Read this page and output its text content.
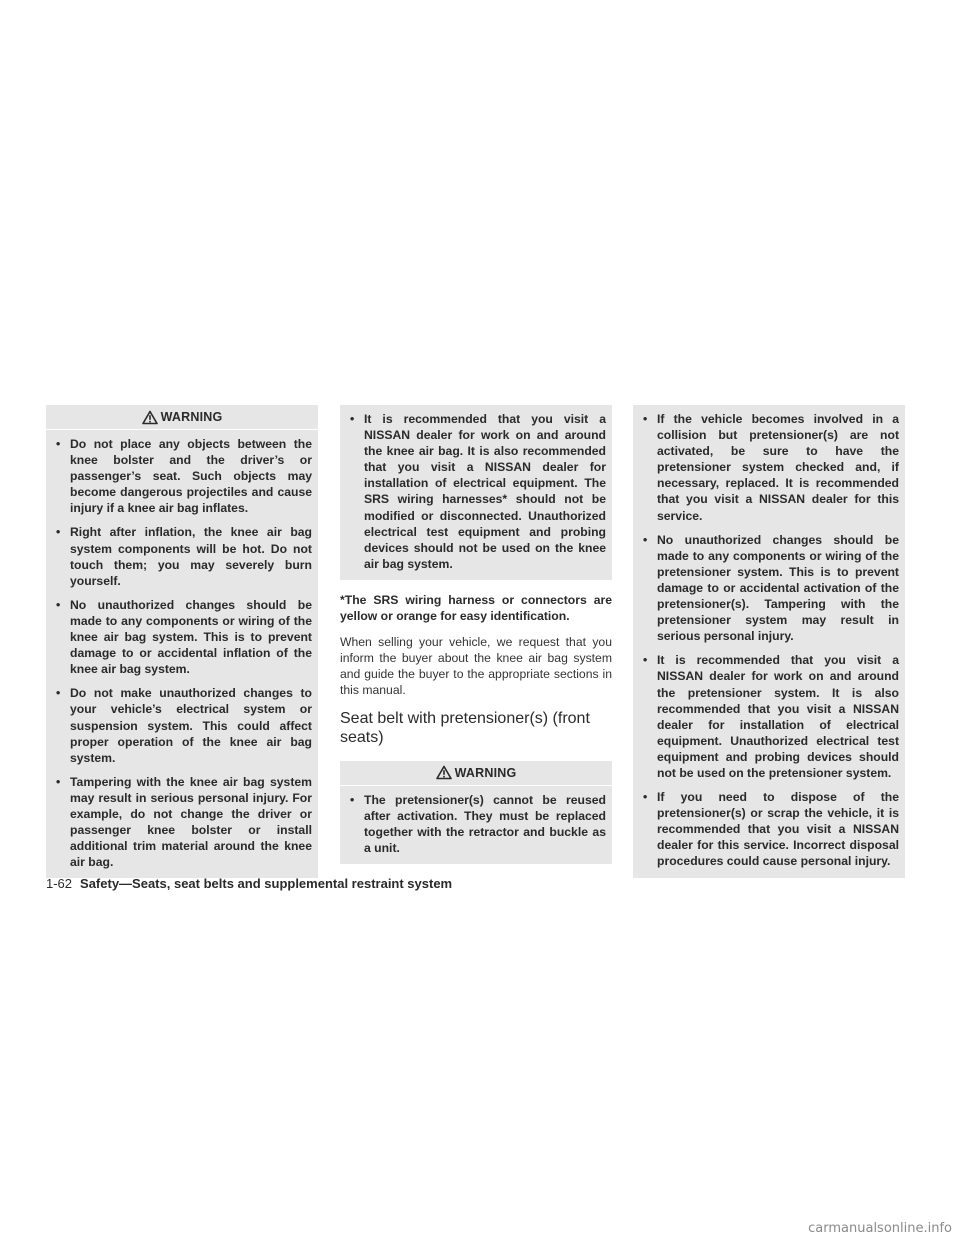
WARNING
• Do not place any objects between the knee bolster and the driver’s or passenger’s seat. Such objects may become dangerous projectiles and cause injury if a knee air bag inflates.
• Right after inflation, the knee air bag system components will be hot. Do not touch them; you may severely burn yourself.
• No unauthorized changes should be made to any components or wiring of the knee air bag system. This is to prevent damage to or accidental inflation of the knee air bag system.
• Do not make unauthorized changes to your vehicle’s electrical system or suspension system. This could affect proper operation of the knee air bag system.
• Tampering with the knee air bag system may result in serious personal injury. For example, do not change the driver or passenger knee bolster or install additional trim material around the knee air bag.
• It is recommended that you visit a NISSAN dealer for work on and around the knee air bag. It is also recommended that you visit a NISSAN dealer for installation of electrical equipment. The SRS wiring harnesses* should not be modified or disconnected. Unauthorized electrical test equipment and probing devices should not be used on the knee air bag system.

*The SRS wiring harness or connectors are yellow or orange for easy identification.

When selling your vehicle, we request that you inform the buyer about the knee air bag system and guide the buyer to the appropriate sections in this manual.

Seat belt with pretensioner(s) (front seats)
WARNING
• The pretensioner(s) cannot be reused after activation. They must be replaced together with the retractor and buckle as a unit.
• If the vehicle becomes involved in a collision but pretensioner(s) are not activated, be sure to have the pretensioner system checked and, if necessary, replaced. It is recommended that you visit a NISSAN dealer for this service.
• No unauthorized changes should be made to any components or wiring of the pretensioner system. This is to prevent damage to or accidental activation of the pretensioner(s). Tampering with the pretensioner system may result in serious personal injury.
• It is recommended that you visit a NISSAN dealer for work on and around the pretensioner system. It is also recommended that you visit a NISSAN dealer for installation of electrical equipment. Unauthorized electrical test equipment and probing devices should not be used on the pretensioner system.
• If you need to dispose of the pretensioner(s) or scrap the vehicle, it is recommended that you visit a NISSAN dealer for this service. Incorrect disposal procedures could cause personal injury.
1-62 Safety—Seats, seat belts and supplemental restraint system
carmanualsonline.info
